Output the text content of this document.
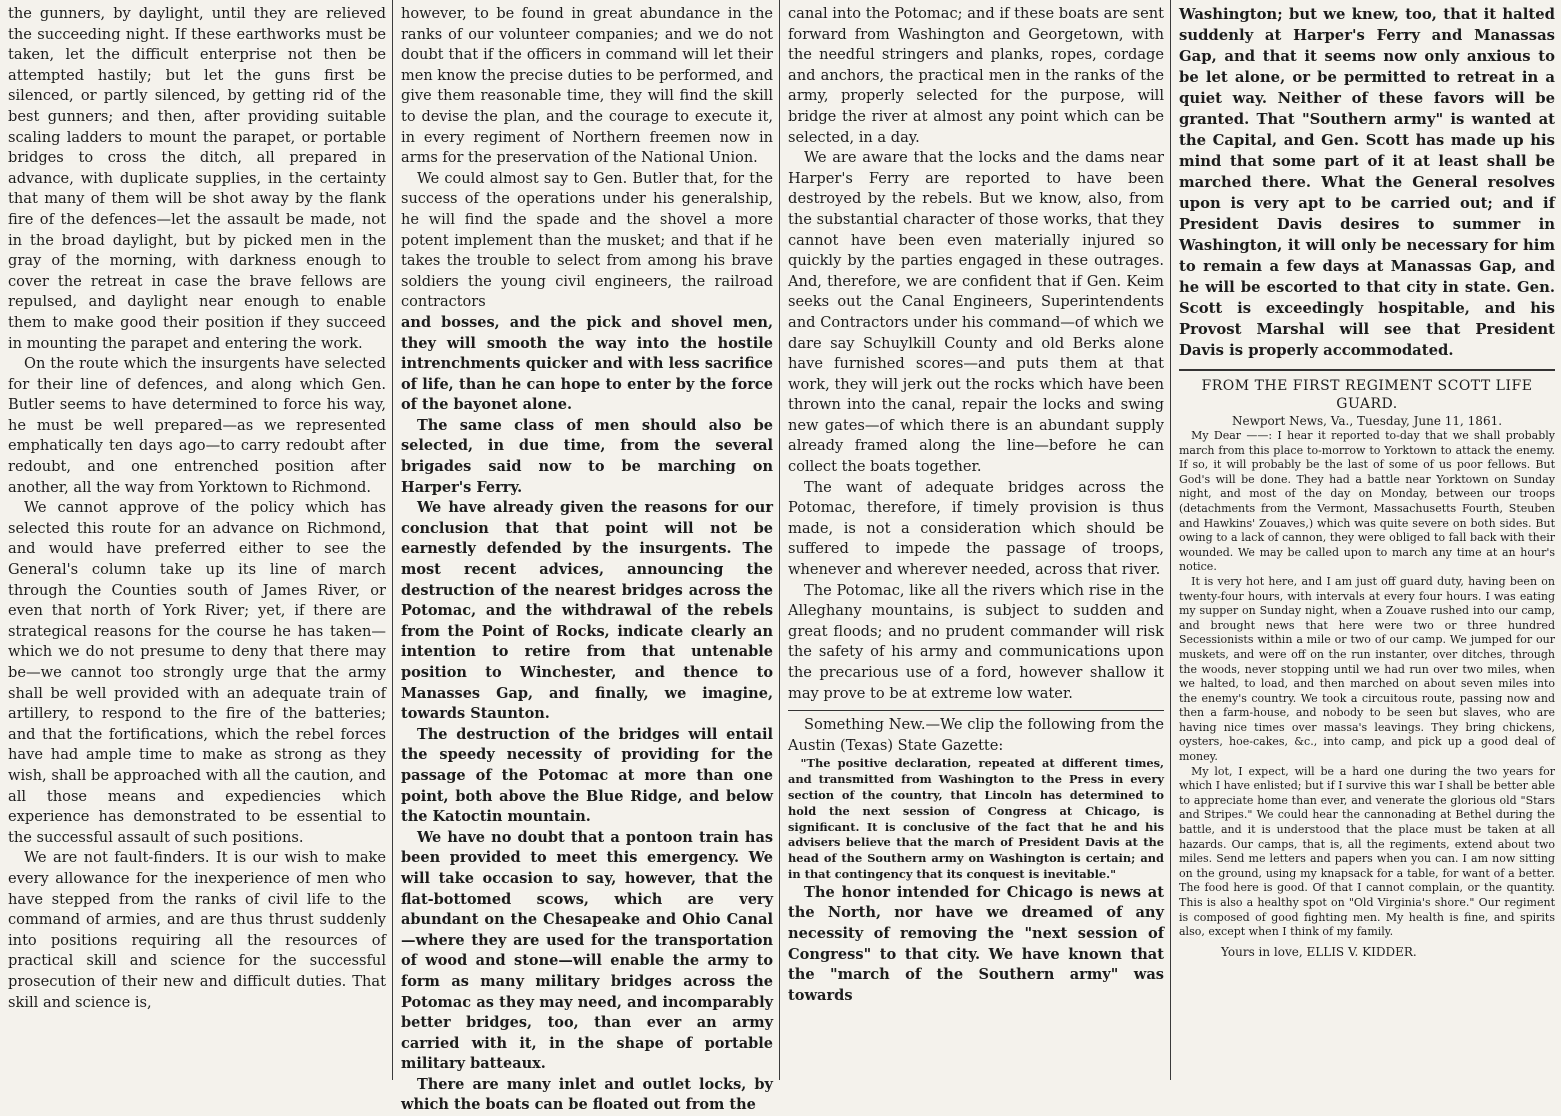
the gunners, by daylight, until they are relieved the succeeding night. If these earthworks must be taken, let the difficult enterprise not then be attempted hastily; but let the guns first be silenced, or partly silenced, by getting rid of the best gunners; and then, after providing suitable scaling ladders to mount the parapet, or portable bridges to cross the ditch, all prepared in advance, with duplicate supplies, in the certainty that many of them will be shot away by the flank fire of the defences—let the assault be made, not in the broad daylight, but by picked men in the gray of the morning, with darkness enough to cover the retreat in case the brave fellows are repulsed, and daylight near enough to enable them to make good their position if they succeed in mounting the parapet and entering the work.

On the route which the insurgents have selected for their line of defences, and along which Gen. Butler seems to have determined to force his way, he must be well prepared—as we represented emphatically ten days ago—to carry redoubt after redoubt, and one entrenched position after another, all the way from Yorktown to Richmond.

We cannot approve of the policy which has selected this route for an advance on Richmond, and would have preferred either to see the General's column take up its line of march through the Counties south of James River, or even that north of York River; yet, if there are strategical reasons for the course he has taken—which we do not presume to deny that there may be—we cannot too strongly urge that the army shall be well provided with an adequate train of artillery, to respond to the fire of the batteries; and that the fortifications, which the rebel forces have had ample time to make as strong as they wish, shall be approached with all the caution, and all those means and expediencies which experience has demonstrated to be essential to the successful assault of such positions.

We are not fault-finders. It is our wish to make every allowance for the inexperience of men who have stepped from the ranks of civil life to the command of armies, and are thus thrust suddenly into positions requiring all the resources of practical skill and science for the successful prosecution of their new and difficult duties. That skill and science is,

however, to be found in great abundance in the ranks of our volunteer companies; and we do not doubt that if the officers in command will let their men know the precise duties to be performed, and give them reasonable time, they will find the skill to devise the plan, and the courage to execute it, in every regiment of Northern freemen now in arms for the preservation of the National Union.

We could almost say to Gen. Butler that, for the success of the operations under his generalship, he will find the spade and the shovel a more potent implement than the musket; and that if he takes the trouble to select from among his brave soldiers the young civil engineers, the railroad contractors

and bosses, and the pick and shovel men, they will smooth the way into the hostile intrenchments quicker and with less sacrifice of life, than he can hope to enter by the force of the bayonet alone.

The same class of men should also be selected, in due time, from the several brigades said now to be marching on Harper's Ferry.

We have already given the reasons for our conclusion that that point will not be earnestly defended by the insurgents. The most recent advices, announcing the destruction of the nearest bridges across the Potomac, and the withdrawal of the rebels from the Point of Rocks, indicate clearly an intention to retire from that untenable position to Winchester, and thence to Manasses Gap, and finally, we imagine, towards Staunton.

The destruction of the bridges will entail the speedy necessity of providing for the passage of the Potomac at more than one point, both above the Blue Ridge, and below the Katoctin mountain.

We have no doubt that a pontoon train has been provided to meet this emergency. We will take occasion to say, however, that the flat-bottomed scows, which are very abundant on the Chesapeake and Ohio Canal—where they are used for the transportation of wood and stone—will enable the army to form as many military bridges across the Potomac as they may need, and incomparably better bridges, too, than ever an army carried with it, in the shape of portable military batteaux.

There are many inlet and outlet locks, by which the boats can be floated out from the

canal into the Potomac; and if these boats are sent forward from Washington and Georgetown, with the needful stringers and planks, ropes, cordage and anchors, the practical men in the ranks of the army, properly selected for the purpose, will bridge the river at almost any point which can be selected, in a day.

We are aware that the locks and the dams near Harper's Ferry are reported to have been destroyed by the rebels. But we know, also, from the substantial character of those works, that they cannot have been even materially injured so quickly by the parties engaged in these outrages. And, therefore, we are confident that if Gen. Keim seeks out the Canal Engineers, Superintendents and Contractors under his command—of which we dare say Schuylkill County and old Berks alone have furnished scores—and puts them at that work, they will jerk out the rocks which have been thrown into the canal, repair the locks and swing new gates—of which there is an abundant supply already framed along the line—before he can collect the boats together.

The want of adequate bridges across the Potomac, therefore, if timely provision is thus made, is not a consideration which should be suffered to impede the passage of troops, whenever and wherever needed, across that river.

The Potomac, like all the rivers which rise in the Alleghany mountains, is subject to sudden and great floods; and no prudent commander will risk the safety of his army and communications upon the precarious use of a ford, however shallow it may prove to be at extreme low water.

Something New.—We clip the following from the Austin (Texas) State Gazette:

"The positive declaration, repeated at different times, and transmitted from Washington to the Press in every section of the country, that Lincoln has determined to hold the next session of Congress at Chicago, is significant. It is conclusive of the fact that he and his advisers believe that the march of President Davis at the head of the Southern army on Washington is certain; and in that contingency that its conquest is inevitable."

The honor intended for Chicago is news at the North, nor have we dreamed of any necessity of removing the "next session of Congress" to that city. We have known that the "march of the Southern army" was towards

Washington; but we knew, too, that it halted suddenly at Harper's Ferry and Manassas Gap, and that it seems now only anxious to be let alone, or be permitted to retreat in a quiet way. Neither of these favors will be granted. That "Southern army" is wanted at the Capital, and Gen. Scott has made up his mind that some part of it at least shall be marched there. What the General resolves upon is very apt to be carried out; and if President Davis desires to summer in Washington, it will only be necessary for him to remain a few days at Manassas Gap, and he will be escorted to that city in state. Gen. Scott is exceedingly hospitable, and his Provost Marshal will see that President Davis is properly accommodated.

FROM THE FIRST REGIMENT SCOTT LIFE GUARD.
Newport News, Va., Tuesday, June 11, 1861.

My Dear ——: I hear it reported to-day that we shall probably march from this place to-morrow to Yorktown to attack the enemy. If so, it will probably be the last of some of us poor fellows. But God's will be done. They had a battle near Yorktown on Sunday night, and most of the day on Monday, between our troops (detachments from the Vermont, Massachusetts Fourth, Steuben and Hawkins' Zouaves,) which was quite severe on both sides. But owing to a lack of cannon, they were obliged to fall back with their wounded. We may be called upon to march any time at an hour's notice.

It is very hot here, and I am just off guard duty, having been on twenty-four hours, with intervals at every four hours. I was eating my supper on Sunday night, when a Zouave rushed into our camp, and brought news that here were two or three hundred Secessionists within a mile or two of our camp. We jumped for our muskets, and were off on the run instanter, over ditches, through the woods, never stopping until we had run over two miles, when we halted, to load, and then marched on about seven miles into the enemy's country. We took a circuitous route, passing now and then a farm-house, and nobody to be seen but slaves, who are having nice times over massa's leavings. They bring chickens, oysters, hoe-cakes, &c., into camp, and pick up a good deal of money.

My lot, I expect, will be a hard one during the two years for which I have enlisted; but if I survive this war I shall be better able to appreciate home than ever, and venerate the glorious old "Stars and Stripes." We could hear the cannonading at Bethel during the battle, and it is understood that the place must be taken at all hazards. Our camps, that is, all the regiments, extend about two miles. Send me letters and papers when you can. I am now sitting on the ground, using my knapsack for a table, for want of a better. The food here is good. Of that I cannot complain, or the quantity. This is also a healthy spot on "Old Virginia's shore." Our regiment is composed of good fighting men. My health is fine, and spirits also, except when I think of my family.

Yours in love, ELLIS V. KIDDER.
